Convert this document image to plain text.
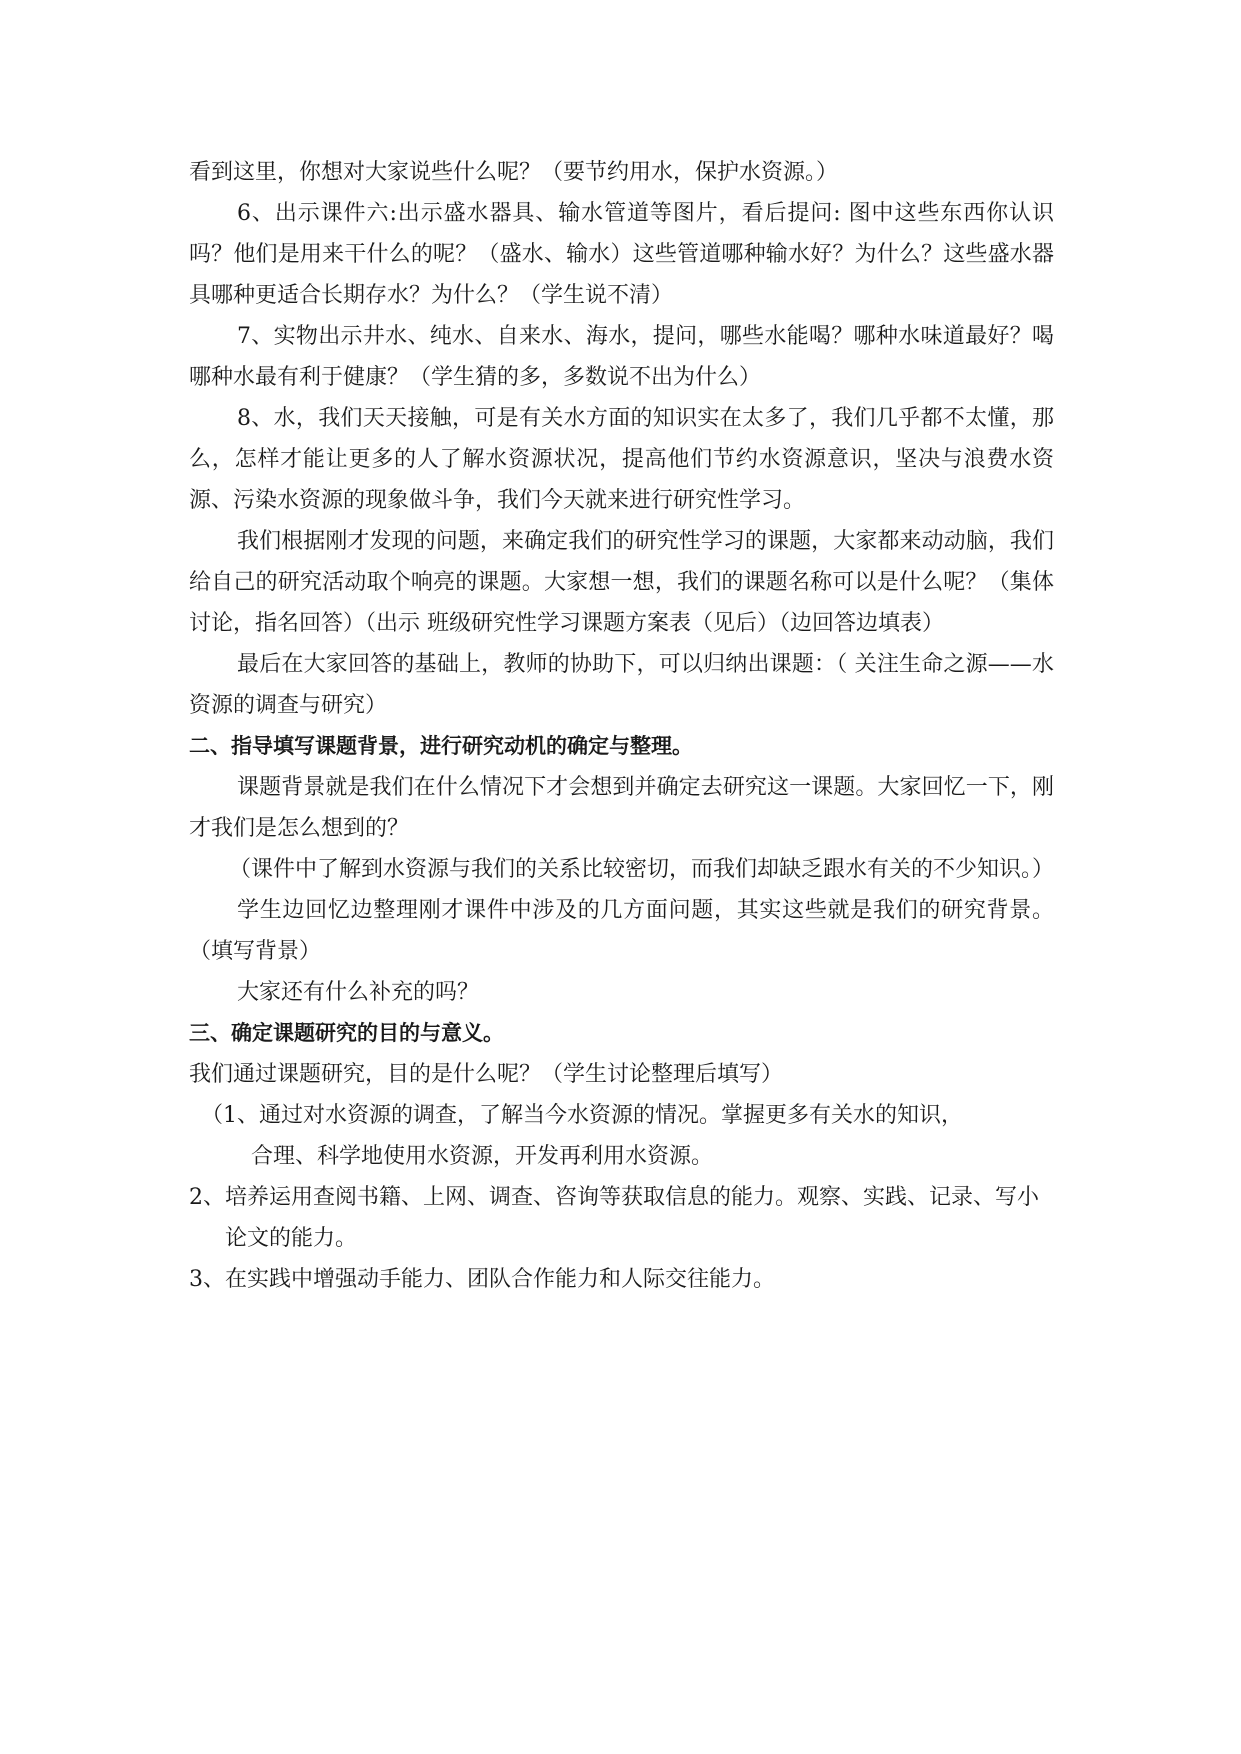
看到这里，你想对大家说些什么呢？（要节约用水，保护水资源。）

6、出示课件六:出示盛水器具、输水管道等图片，看后提问: 图中这些东西你认识吗？他们是用来干什么的呢？（盛水、输水）这些管道哪种输水好？为什么？这些盛水器具哪种更适合长期存水？为什么？（学生说不清）

7、实物出示井水、纯水、自来水、海水，提问，哪些水能喝？哪种水味道最好？喝哪种水最有利于健康？（学生猜的多，多数说不出为什么）

8、水，我们天天接触，可是有关水方面的知识实在太多了，我们几乎都不太懂，那么，怎样才能让更多的人了解水资源状况，提高他们节约水资源意识，坚决与浪费水资源、污染水资源的现象做斗争，我们今天就来进行研究性学习。

我们根据刚才发现的问题，来确定我们的研究性学习的课题，大家都来动动脑，我们给自己的研究活动取个响亮的课题。大家想一想，我们的课题名称可以是什么呢？（集体讨论，指名回答）（出示 班级研究性学习课题方案表（见后）（边回答边填表）

最后在大家回答的基础上，教师的协助下，可以归纳出课题：（ 关注生命之源——水资源的调查与研究）

二、指导填写课题背景，进行研究动机的确定与整理。

课题背景就是我们在什么情况下才会想到并确定去研究这一课题。大家回忆一下，刚才我们是怎么想到的？

（课件中了解到水资源与我们的关系比较密切，而我们却缺乏跟水有关的不少知识。）

学生边回忆边整理刚才课件中涉及的几方面问题，其实这些就是我们的研究背景。（填写背景）

大家还有什么补充的吗？

三、确定课题研究的目的与意义。

我们通过课题研究，目的是什么呢？（学生讨论整理后填写）

（1、通过对水资源的调查，了解当今水资源的情况。掌握更多有关水的知识，
合理、科学地使用水资源，开发再利用水资源。

2、培养运用查阅书籍、上网、调查、咨询等获取信息的能力。观察、实践、记录、写小论文的能力。

3、在实践中增强动手能力、团队合作能力和人际交往能力。
